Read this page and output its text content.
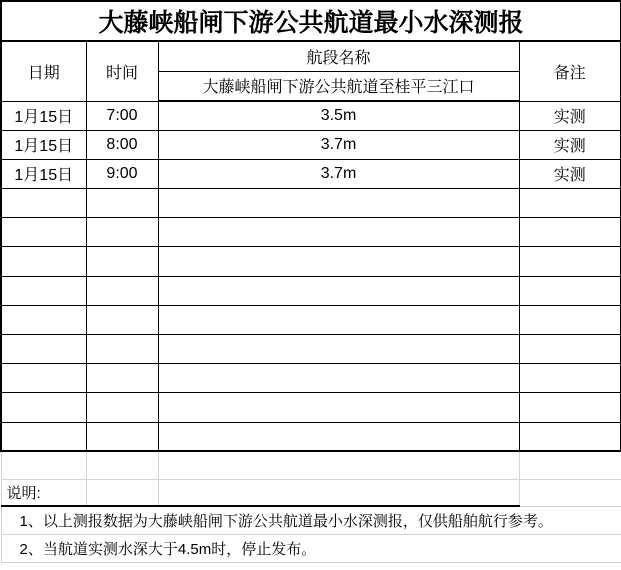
大藤峡船闸下游公共航道最小水深测报			
日期	时间	航段名称	备注
		大藤峡船闸下游公共航道至桂平三江口	
1月15日	7:00	3.5m	实测
1月15日	8:00	3.7m	实测
1月15日	9:00	3.7m	实测

说明:			
1、以上测报数据为大藤峡船闸下游公共航道最小水深测报，仅供船舶航行参考。			
2、当航道实测水深大于4.5m时，停止发布。			
